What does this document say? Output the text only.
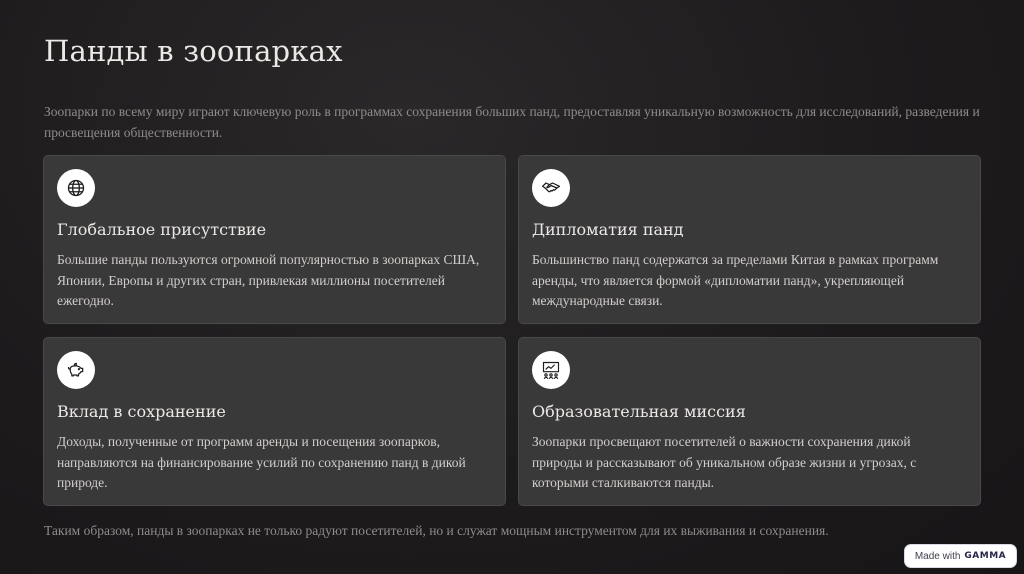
Панды в зоопарках

Зоопарки по всему миру играют ключевую роль в программах сохранения больших панд, предоставляя уникальную возможность для исследований, разведения и просвещения общественности.

Глобальное присутствие

Большие панды пользуются огромной популярностью в зоопарках США, Японии, Европы и других стран, привлекая миллионы посетителей ежегодно.

Дипломатия панд

Большинство панд содержатся за пределами Китая в рамках программ аренды, что является формой «дипломатии панд», укрепляющей международные связи.

Вклад в сохранение

Доходы, полученные от программ аренды и посещения зоопарков, направляются на финансирование усилий по сохранению панд в дикой природе.

Образовательная миссия

Зоопарки просвещают посетителей о важности сохранения дикой природы и рассказывают об уникальном образе жизни и угрозах, с которыми сталкиваются панды.

Таким образом, панды в зоопарках не только радуют посетителей, но и служат мощным инструментом для их выживания и сохранения.

Made with GAMMA
